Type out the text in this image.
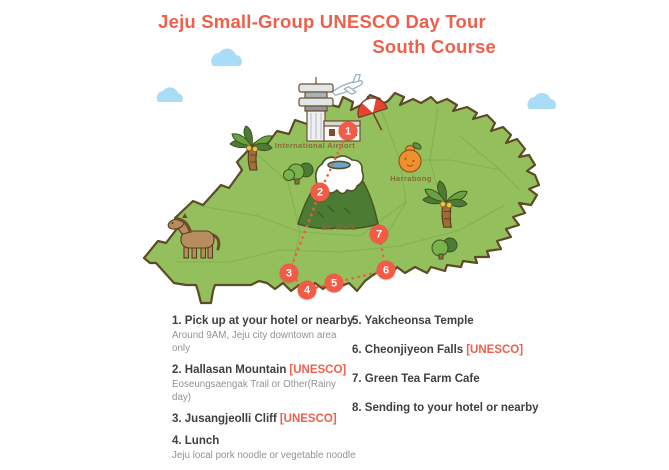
International Airport
Mt. Halla
Harrabong
1
2
3
4
5
6
7
Jeju Small-Group UNESCO Day Tour
South Course
1. Pick up at your hotel or nearby
Around 9AM, Jeju city downtown area only
2. Hallasan Mountain [UNESCO]
Eoseungsaengak Trail or Other(Rainy day)
3. Jusangjeolli Cliff [UNESCO]
4. Lunch
Jeju local pork noodle or vegetable noodle
5. Yakcheonsa Temple
6. Cheonjiyeon Falls [UNESCO]
7. Green Tea Farm Cafe
8. Sending to your hotel or nearby
